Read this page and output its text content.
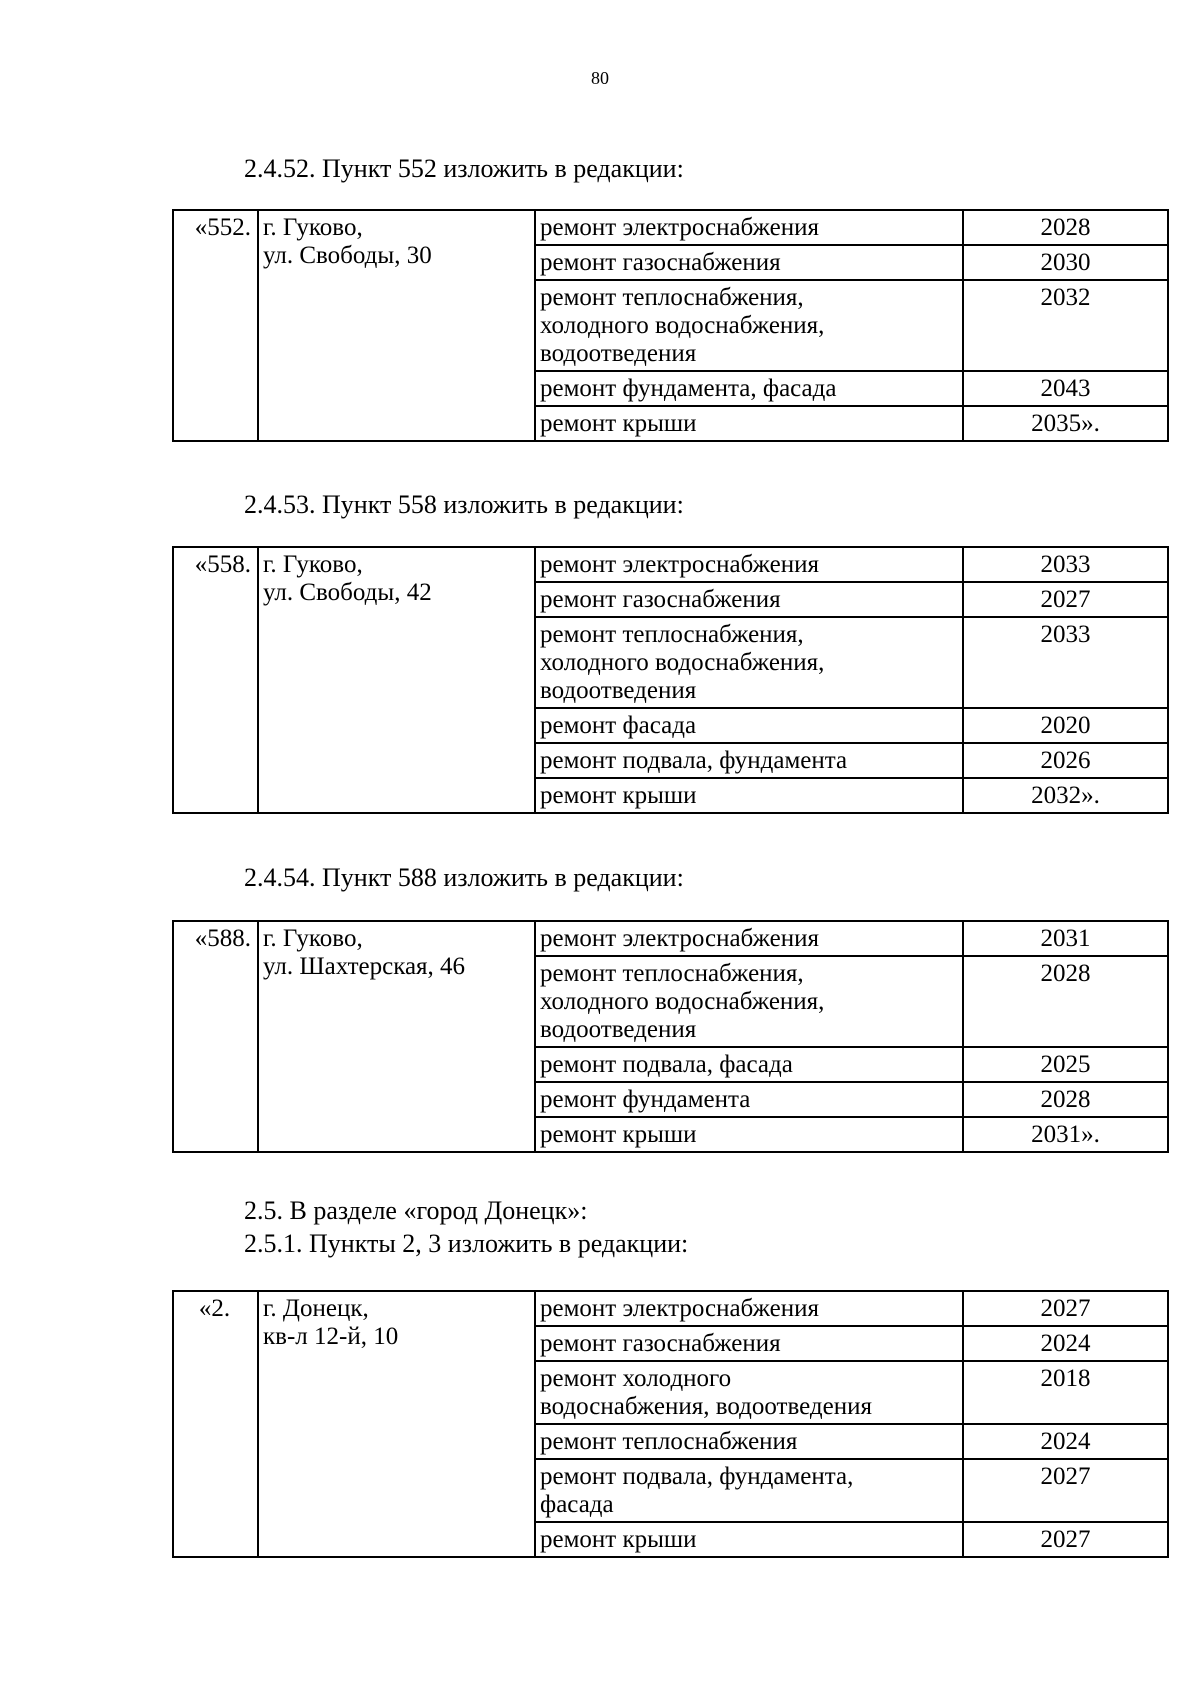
80
2.4.52. Пункт 552 изложить в редакции:
«552.	г. Гуково,
ул. Свободы, 30	ремонт электроснабжения	2028
		ремонт газоснабжения	2030
		ремонт теплоснабжения,
холодного водоснабжения,
водоотведения	2032
		ремонт фундамента, фасада	2043
		ремонт крыши	2035».
2.4.53. Пункт 558 изложить в редакции:
«558.	г. Гуково,
ул. Свободы, 42	ремонт электроснабжения	2033
		ремонт газоснабжения	2027
		ремонт теплоснабжения,
холодного водоснабжения,
водоотведения	2033
		ремонт фасада	2020
		ремонт подвала, фундамента	2026
		ремонт крыши	2032».
2.4.54. Пункт 588 изложить в редакции:
«588.	г. Гуково,
ул. Шахтерская, 46	ремонт электроснабжения	2031
		ремонт теплоснабжения,
холодного водоснабжения,
водоотведения	2028
		ремонт подвала, фасада	2025
		ремонт фундамента	2028
		ремонт крыши	2031».
2.5. В разделе «город Донецк»:
2.5.1. Пункты 2, 3 изложить в редакции:
«2.	г. Донецк,
кв-л 12-й, 10	ремонт электроснабжения	2027
		ремонт газоснабжения	2024
		ремонт холодного
водоснабжения, водоотведения	2018
		ремонт теплоснабжения	2024
		ремонт подвала, фундамента,
фасада	2027
		ремонт крыши	2027
